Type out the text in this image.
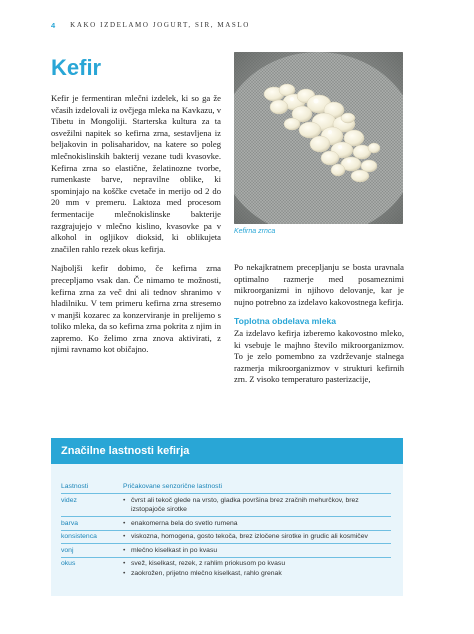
4 KAKO IZDELAMO JOGURT, SIR, MASLO
Kefir

Kefir je fermentiran mlečni izdelek, ki so ga že včasih izdelovali iz ovčjega mleka na Kavkazu, v Tibetu in Mongoliji. Starterska kultura za ta osvežilni napitek so kefirna zrna, sestavljena iz beljakovin in polisaharidov, na katere so poleg mlečnokislinskih bakterij vezane tudi kvasovke. Kefirna zrna so elastične, želatinozne tvorbe, rumenkaste barve, nepravilne oblike, ki spominjajo na koščke cvetače in merijo od 2 do 20 mm v premeru. Laktoza med procesom fermentacije mlečnokislinske bakterije razgrajujejo v mlečno kislino, kvasovke pa v alkohol in ogljikov dioksid, ki oblikujeta značilen rahlo rezek okus kefirja.

Najboljši kefir dobimo, če kefirna zrna precepljamo vsak dan. Če nimamo te možnosti, kefirna zrna za več dni ali tednov shranimo v hladilniku. V tem primeru kefirna zrna stresemo v manjši kozarec za konzerviranje in prelijemo s toliko mleka, da so kefirna zrna pokrita z njim in zapremo. Ko želimo zrna znova aktivirati, z njimi ravnamo kot običajno.

Kefirna zrnca

Po nekajkratnem precepljanju se bosta uravnala optimalno razmerje med posameznimi mikroorganizmi in njihovo delovanje, kar je nujno potrebno za izdelavo kakovostnega kefirja.

Toplotna obdelava mleka

Za izdelavo kefirja izberemo kakovostno mleko, ki vsebuje le majhno število mikroorganizmov. To je zelo pomembno za vzdrževanje stalnega razmerja mikroorganizmov v strukturi kefirnih zrn. Z visoko temperaturo pasterizacije,

Značilne lastnosti kefirja
Lastnosti	Pričakovane senzorične lastnosti
videz	• čvrst ali tekoč glede na vrsto, gladka površina brez zračnih mehurčkov, brez izstopajoče sirotke

barva	• enakomerna bela do svetlo rumena

konsistenca	• viskozna, homogena, gosto tekoča, brez izločene sirotke in grudic ali kosmičev

vonj	• mlečno kiselkast in po kvasu

okus	• svež, kiselkast, rezek, z rahlim priokusom po kvasu
• zaokrožen, prijetno mlečno kiselkast, rahlo grenak
